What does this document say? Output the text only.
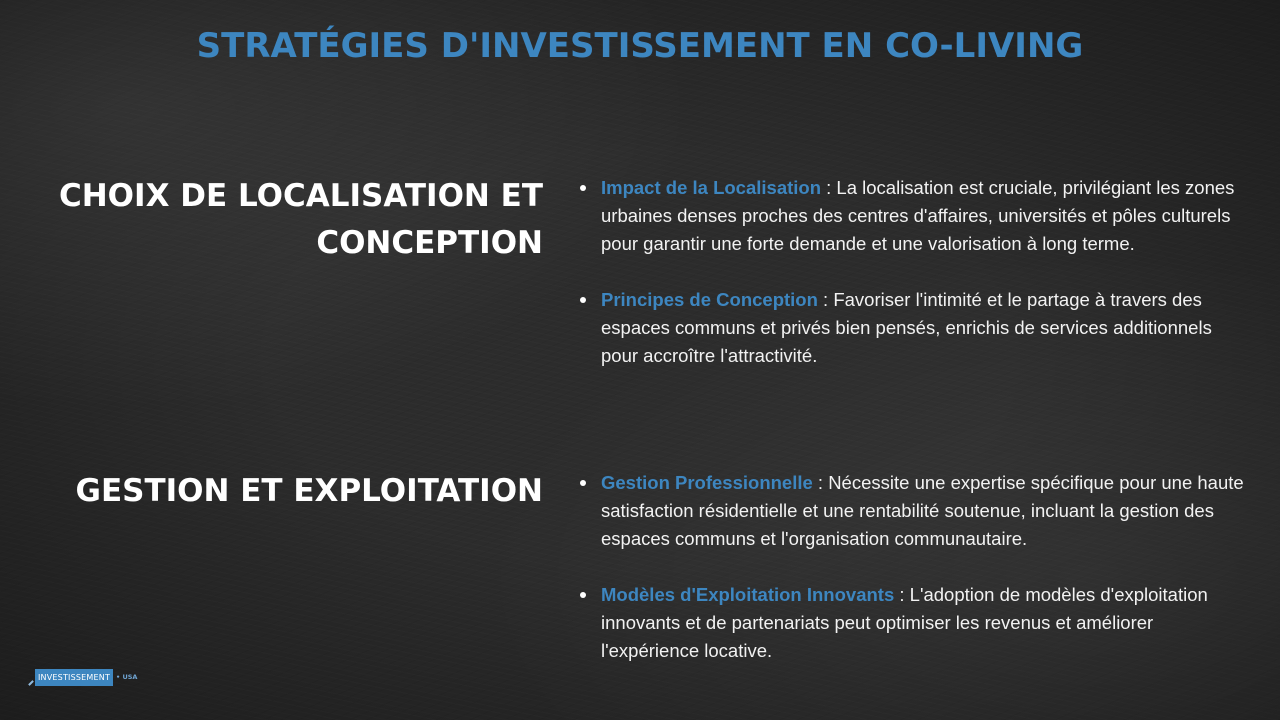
STRATÉGIES D'INVESTISSEMENT EN CO-LIVING
CHOIX DE LOCALISATION ET CONCEPTION
Impact de la Localisation : La localisation est cruciale, privilégiant les zones urbaines denses proches des centres d'affaires, universités et pôles culturels pour garantir une forte demande et une valorisation à long terme.
Principes de Conception : Favoriser l'intimité et le partage à travers des espaces communs et privés bien pensés, enrichis de services additionnels pour accroître l'attractivité.
GESTION ET EXPLOITATION	Gestion Professionnelle : Nécessite une expertise spécifique pour une haute satisfaction résidentielle et une rentabilité soutenue, incluant la gestion des espaces communs et l'organisation communautaire.
Modèles d'Exploitation Innovants : L'adoption de modèles d'exploitation innovants et de partenariats peut optimiser les revenus et améliorer l'expérience locative.
INVESTISSEMENT • USA
